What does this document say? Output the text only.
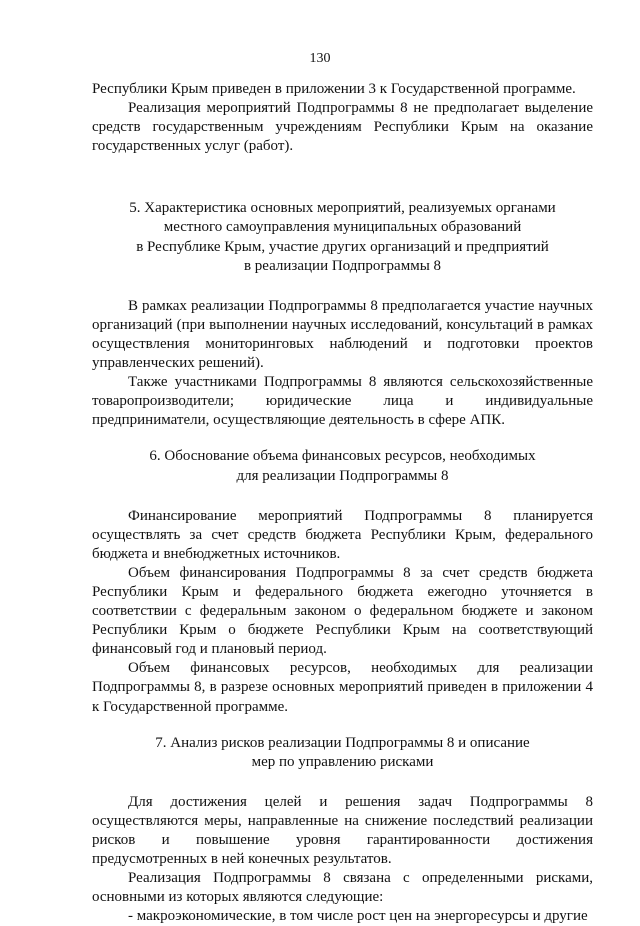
130

Республики Крым приведен в приложении 3 к Государственной программе.

Реализация мероприятий Подпрограммы 8 не предполагает выделение средств государственным учреждениям Республики Крым на оказание государственных услуг (работ).

5. Характеристика основных мероприятий, реализуемых органами
местного самоуправления муниципальных образований
в Республике Крым, участие других организаций и предприятий
в реализации Подпрограммы 8

В рамках реализации Подпрограммы 8 предполагается участие научных организаций (при выполнении научных исследований, консультаций в рамках осуществления мониторинговых наблюдений и подготовки проектов управленческих решений).

Также участниками Подпрограммы 8 являются сельскохозяйственные товаропроизводители; юридические лица и индивидуальные предприниматели, осуществляющие деятельность в сфере АПК.

6. Обоснование объема финансовых ресурсов, необходимых
для реализации Подпрограммы 8

Финансирование мероприятий Подпрограммы 8 планируется осуществлять за счет средств бюджета Республики Крым, федерального бюджета и внебюджетных источников.

Объем финансирования Подпрограммы 8 за счет средств бюджета Республики Крым и федерального бюджета ежегодно уточняется в соответствии с федеральным законом о федеральном бюджете и законом Республики Крым о бюджете Республики Крым на соответствующий финансовый год и плановый период.

Объем финансовых ресурсов, необходимых для реализации Подпрограммы 8, в разрезе основных мероприятий приведен в приложении 4 к Государственной программе.

7. Анализ рисков реализации Подпрограммы 8 и описание
мер по управлению рисками

Для достижения целей и решения задач Подпрограммы 8 осуществляются меры, направленные на снижение последствий реализации рисков и повышение уровня гарантированности достижения предусмотренных в ней конечных результатов.

Реализация Подпрограммы 8 связана с определенными рисками, основными из которых являются следующие:

- макроэкономические, в том числе рост цен на энергоресурсы и другие
